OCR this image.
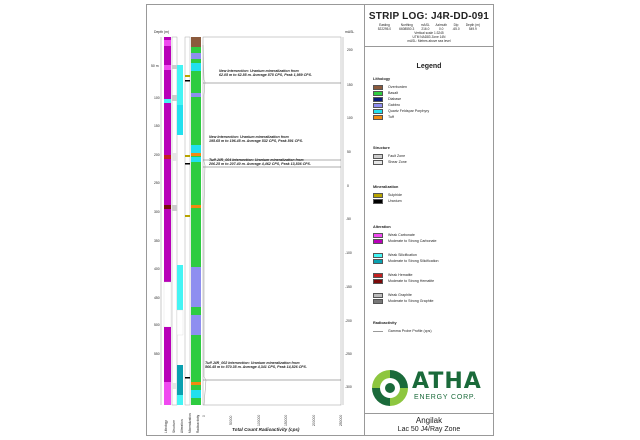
Depth (m)	mASL
50 m
100
150
200
250
300
350
400
450
500
550
200
150
100
50
0
-50
-100
-150
-200
-250
-300
New Intersection: Uranium mineralization from
62.05 m to 62.85 m. Average 875 CPS, Peak 1,989 CPS.
New Intersection: Uranium mineralization from
195.65 m to 196.45 m. Average 532 CPS, Peak 891 CPS.
Tuff J4R_004 Intersection: Uranium mineralization from
206.25 m to 207.40 m. Average 4,462 CPS, Peak 13,836 CPS.
Tuff J4R_002 Intersection: Uranium mineralization from
566.45 m to 570.35 m. Average 4,341 CPS, Peak 14,826 CPS.
Lithology Structure Alteration Mineralization Radioactivity 0	50000	100000	150000	200000	250000
Total Count Radioactivity (cps)
STRIP LOG: J4R-DD-091
Easting	Northing	mASL	Azimuth	Dip	Depth (m)
522295.0	6608550.3	216.0	0.0	-65.0	549.9
Vertical scale 1:3245
UTM NAD83 Zone 14N
mASL: Metres above sea level
Legend
Lithology
Overburden
Basalt
Diabase
Gabbro
Quartz Feldspar Porphyry
Tuff
Structure
Fault Zone
Shear Zone
Mineralization
Sulphide
Uranium
Alteration
Weak Carbonate
Moderate to Strong Carbonate
Weak Silicification
Moderate to Strong Silicification
Weak Hematite
Moderate to Strong Hematite
Weak Graphite
Moderate to Strong Graphite
Radioactivity
Gamma Probe Profile (cps)
ATHA
ENERGY CORP.
Angilak
Lac 50 J4/Ray Zone
